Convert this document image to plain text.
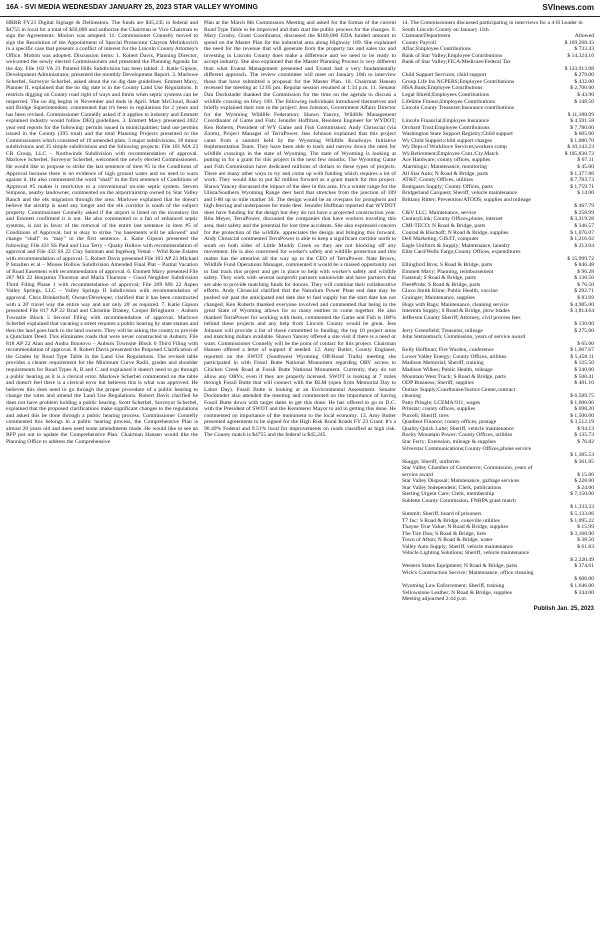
16A - SVI MEDIA WEDNESDAY JANUARY 25, 2023 STAR VALLEY WYOMING	SVInews.com
HRRR FY23 Digital Signage & Delineators. The funds are $45,245 in federal and $4755 in local for a total of $50,000 and authorize the Chairman or Vice Chairman to sign the Agreements. Motion was adopted. 11. Commissioner Connelly moved to sign the Resolution of the Appointment of Special Prosecutor Clayton Melinkovich in a specific case that presents a conflict of interest for the Lincoln County Attorney's Office. Motion was adopted. Discussion items: 1. Robert Davis, Planning Director, welcomed the newly elected Commissioners and presented the Planning Agenda for the day. File 102 VA 23 Painted Hills Subdivision has been tabled. 2. Katie Gipson, Development Administrator, presented the monthly Development Report. 3. Marlowe Scherbel, Surveyor Scherbel, asked about the no dig date guidelines. Emmett Mavy, Planner II, explained that the no dig date is in the County Land Use Regulations. It restricts digging on County road right of ways and limits when septic systems can be inspected. The no dig begins in November and ends in April. Matt McCloud, Road and Bridge Superintendent, commented that it's been in regulations for 2 years and has been revised. Commissioner Connelly asked if it applies to industry and Emmett explained industry would follow DEQ guidelines. 3. Emmett Mavy presented 2022 year end reports for the following: permits issued in municipalities; land use permits issued in the County (395 total) and the total Planning Projects presented to the Commissioners which consisted of 19 amended plats, 3 major subdivisions, 18 minor subdivisions and 35 simple subdivisions and the following projects: File 101 MA 23 CR Group, LLC – Northwinds Subdivision with recommendation of approval. Marlowe Scherbel, Surveyor Scherbel, welcomed the newly elected Commissioners. He would like to propose to strike the last sentence of item #5 in the Conditions of Approval because there is no evidence of high ground water and no need to warn against it. He also commented the word "shall" in the first sentence of Conditions of Approval #5 makes it restrictive to a conventional on-site septic system. Steven Simpson, nearby landowner, commented on the airport/airstrip owned by Star Valley Ranch and the elk migration through the area. Marlowe explained that he doesn't believe the airstrip is used any longer and the elk corridor is south of the subject property. Commissioner Connelly asked if the airport is listed on the inventory list and Emmett confirmed it is not. He also commented to a fan of enhanced septic systems, is not in favor of the removal of the entire last sentence in item #5 of Conditions of Approval, but is okay to strike "no basements will be allowed" and change "shall" to "may" in the first sentence. 4. Katie Gipson presented the following: File 431 SS Paul and Lisa Terry – Quaky Hollow with recommendation of approval and File 432 SS 22 Clay Salzman and Ingeborg Vestal – Wild Rose Estates with recommendation of approval. 5. Robert Davis presented File 103 AP 23 Michael P Smallen et al – Moose Hollow Subdivision Amended Final Plat – Partial Vacation of Road Easement with recommendation of approval. 6. Emmett Mavy presented File 287 MS 22 Benjamin Thurston and Marla Thurston – Good Neighbor Subdivision Third Filing Phase 1 with recommendation of approval; File 209 MS 22 Aspen Valley Springs, LLC – Valley Springs II Subdivision with recommendation of approval. Chris Brinkerhoff, Owner/Developer, clarified that it has been constructed with a 20' travel way the entire way and not only 20' as required. 7. Katie Gipson presented File 817 AP 22 Brad and Christine Draney, Cooper Bringhurst – Auburn Townsite Block 5 Second Filing with recommendation of approval. Marlowe Scherbel explained that vacating a street requires a public hearing by state statues and then the land goes back to the land owners. They will be asking the county to provide a Quitclaim Deed. This eliminates roads that were never constructed in Auburn; File 818 AP 22 Alan and Audra Ihnotovo – Auburn Townsite Block 6 Third Filing with recommendation of approval. 8. Robert Davis presented the Proposed Clarification of the Grades by Road Type Table in the Land Use Regulations. The revised table provides a clearer requirement for the Minimum Curve Radii, grades and shoulder requirements for Road Types A, B and C and explained it doesn't need to go through a public hearing as it is a clerical error. Marlowe Scherbel commented on the table and doesn't feel there is a clerical error but believes this is what was approved. He believes this does need to go through the proper procedure of a public hearing to change the rules and amend the Land Use Regulations. Robert Davis clarified he does not have problem holding a public hearing. Scott Scherbel, Surveyor Scherbel, explained that the proposed clarifications make significant changes to the regulations and asked this be done through a public hearing process. Commissioner Connelly commented this belongs in a public hearing process, the Comprehensive Plan is almost 20 years old and does need some amendments made. He would like to see an RFP put out to update the Comprehensive Plan. Chairman Hansen would like the Planning Office to address the Comprehensive
Plan at the March 8th Commission Meeting and asked for the format of the current Road Type Table to be improved and then start the public process for the changes. 9. Mary Crosby, Grant Coordinator, discussed the $180,000 EDA funded amount to spend on the Master Plan for the industrial area along Highway 189. She explained the need for the revenue that will generate from the property tax and sales tax and investing in Lincoln County does make a difference and we need to be ready to accept industry. She also explained that the Master Planning Process is very different than what Evanst Management presented and Evanst had a very fundamentally different approach. The review committee will meet on January 10th to interview those that have submitted a proposal for the Master Plan. 10. Chairman Hansen recessed the meeting at 12:05 pm. Regular session resumed at 1:34 p.m. 11. Senator Dan Dockstader thanked the Commission for the time on the agenda to discuss a wildlife crossing on Hwy 189. The following individuals introduced themselves and briefly explained their role in the project: Jess Johnson, Government Affairs Director for the Wyoming Wildlife Federation; Shawn Yancey, Wildlife Management Coordinator of Game and Fish; Jennifer Hoffman, Resident Engineer for WYDOT; Ken Roberts, President of WY Game and Fish Commission; Andy Chruscial (via Zoom), Project Manager of TerraPower. Jess Johnson explained that this project came from a summit held by the Wyoming Wildlife Roadways Initiative Implementation Team. They have been able to track and narrow down the need for wildlife crossings in the state of Wyoming. The state of Wyoming is looking at putting in for a grant for this project in the next few months. The Wyoming Game and Fish Commission have dedicated millions of dollars to these types of projects. There are many other ways to try and come up with funding which requires a lot of work. They would like to put $2 million forward as a grant match for this project. Shawn Yancey discussed the impact of the deer in this area. It's a winter range for the Ulista/Southern Wyoming Range deer herd that stretches from the junction of 189 and I-80 up to mile marker 30. The design would be an overpass for pronghorn and high fencing and underpasses for mule deer. Jennifer Hoffman reported that WYDOT does have funding for the design but they do not have a projected construction year. Rita Meyer, TerraPower, discussed the companies that have workers traveling this area, their safety and the potential for lost time accidents. She also expressed concern for the protection of the wildlife, appreciates the design and bringing this forward. Andy Chruscial commented TerraPower is able to keep a significant corridor north to south on both sides of Little Muddy Creek so they are not blocking off any movement. He is also concerned for worker's safety and wildlife protection and this matter has the attention all the way up to the CEO of TerraPower. Nate Brown, Wildlife Fund Operations Manager, commented it would be a missed opportunity not to fast track this project and get in place to help with worker's safety and wildlife safety. They work with several nonprofit partners nationwide and have partners that are able to provide matching funds for donors. They will continue their collaborative efforts. Andy Chruscial clarified that the Naturium Power Plant end date may be pushed out past the anticipated end date due to fuel supply but the start date has not changed. Ken Roberts thanked everyone involved and commented that being in the great State of Wyoming allows for so many entities to come together. He also thanked TerraPower for working with them, commented the Game and Fish is 100% behind these projects and any help from Lincoln County would be great. Jess Johnson will provide a list of those committed to funding, the top 10 project areas and matching dollars available. Shawn Yancey offered a site visit if there is a need or want. Commissioner Connelly will be the point of contact for this project. Chairman Hansen offered a letter of support if needed. 12. Amy Butler, County Engineer, reported on the SWOT (Southwest Wyoming Off-Road Trails) meeting she participated in with Fossil Butte National Monument regarding ORV access to Chicken Creek Road at Fossil Butte National Monument. Currently, they do not allow any ORVs, even if they are properly licensed. SWOT is looking at 7 miles through Fossil Butte that will connect with the BLM (open from Memorial Day to Labor Day). Fossil Butte is looking at an Environmental Assessment. Senator Dockstader also attended the meeting and commented on the importance of having Fossil Butte down with target dates to get this done. He has offered to go to D.C. with the President of SWOT and the Kemmerer Mayor to aid in getting this done. He commented on importance of the monument to the local economy. 13. Amy Butler presented agreements to be signed for the High Risk Rural Roads FY 23 Grant. It's a 90.49% Federal and 9.51% local for improvements on roads classified as high risk. The County match is $4755 and the federal is $45,245.
14. The Commissioners discussed participating in interviews for a 4-H Leader in South Lincoln County on January 11th.
Claimant/Department	Allowed
County Payroll	$ 169,268.43
Aflac;Employee Contributions	$ 733.43
Bank of Star Valley;Employee Contributions	$ 14,324.16
Bank of Star Valley;FICA/Medicare/Federal Tax
$ 133,913.08
Child Support Services; child support	$ 279.00
Group Life Ins NCPERS;Employee Contributions	$ 432.00
HSA Bank;Employee Contributions	$ 2,700.00
Legal Shield;Employees Contributions	$ 43.90
Lifetime Fitness;Employee Contributions	$ 148.50
Lincoln County Treasurer;Insurance contributions
$ 11,188.09
Lincoln Financial;Employee Insurance	$ 4,591.58
Orchard Trust;Employee Contributions	$ 7,780.00
Washington State Support Registry;Child support	$ 605.00
Wy Child Support;child support charges	$ 1,080.70
Wy Dept.of Workforce Services;workers comp	$ 10,143.23
Wy.Retirement;Employee Cont./Cty.Match	$ 105,830.73
Ace Hardware; county offices, supplies	$ 67.11
Alarmlogic; Maintenance, monitoring	$ 45.00
All Star Auto; N Road & Bridge, parts	$ 1,377.86
AT&T; County Offices, utilities	$ 7,783.73
Bomgaars Supply; County Offices, parts	$ 1,759.71
Bridgerland Carquest; Sheriff, vehicle maintenance	$ 14.00
Brittany Ritter; Prevention/ATODS, supplies and mileage
$ 467.79
C&V LLC; Maintenance, service	$ 258.99
CenturyLink; County Offices,phone, internet	$ 3,319.28
CMI-TECO; N Road & Bridge, parts	$ 346.57
Conrad & Bischoff; N Road & Bridge, supplies	$ 1,076.07
Dell Marketing; GIS/IT, computer	$ 1,216.02
Eagle Uniform & Supply; Maintenance, laundry	$ 213.04
Elite Card/Wells Fargo;County Offices, expenditures
$ 15,999.72
Ellingford Bros; S Road & Bridge, parts	$ 846.48
Emmett Mavy; Planning, reimbursement	$ 96.28
Fastenal; S Road & Bridge, parts	$ 130.50
FleetPride; S Road & Bridge, parts	$ 76.50
Glaxo Smith Kline; Public Health, vaccine	$ 292.71
Grainger; Maintenance, supplies	$ 83.69
Hugs with Rags; Maintenance, cleaning service	$ 4,985.00
Intermtn Supply; S Road & Bridge, plow blades	$ 3,814.64
Jefferson County Sheriff; Attorney, civil process fees
$ 130.00
Jerry Greenfield; Treasurer, mileage	$ 275.00
John Stetzenbach; Commission, years of service award
$ 65.00
Kelly Hoffman; Fire Warden, conference	$ 1,067.67
Lower Valley Energy; County Offices, utilities	$ 5,458.11
Madison Memorial; Sheriff, training	$ 125.50
Madison Wilkes; Public Health, mileage	$ 240.00
Mountain West Truck; S Road & Bridge, parts	$ 500.41
ODP Business; Sheriff, supplies	$ 401.10
Outlaw Supply;Courthouse/Justice Center,contract
cleaning	$ 6,589.75
Patty Pringle; LCEMA/911, wages	$ 1,000.00
Prinstar; county offices, supplies	$ 698.20
Purcell; Sheriff, tires	$ 1,500.00
Quadient Finance; county offices, postage	$ 3,512.19
Quality Quick Lube; Sheriff, vehicle maintenance	$ 94.13
Rocky Mountain Power; County Offices, utilities	$ 135.73
Star Ferry; Extension, mileage & supplies	$ 76.82
Silverstar Communications;County Offices,phone service
$ 1,385.53
Skaggs; Sheriff, uniforms	$ 361.85
Star Valley Chamber of Commerce; Commission, years of
service award	$ 15.00
Star Valley Disposal; Maintenance, garbage services	$ 228.00
Star Valley Independent; Clerk, publications	$ 24.00
Sterling Urgent Care; Clerk, membership	$ 7,150.00
Sublette County Commission, FNRPA grant match
$ 1,333.33
Summit; Sheriff, board of prisoners	$ 5,133.06
T7 Inc; S Road & Bridge, cokeville utilities	$ 1,095.22
Thayne True Value; N Road & Bridge, supplies	$ 15.99
The Tire Don; S Road & Bridge, tires	$ 3,160.90
Town of Afton; N Road & Bridge, water	$ 38.50
Valley Auto Supply; Sheriff, vehicle maintenance	$ 61.83
Vehicle Lighting Solutions; Sheriff, vehicle maintenance
$ 2,220.49
Western States Equipment; N Road & Bridge, parts	$ 374.61
Wick's Construction Service; Maintenance, office cleaning
$ 600.00
Wyoming Law Enforcement; Sheriff, training	$ 1,646.00
Yellowstone Leather; N Road & Bridge, supplies	$ 244.00
Meeting adjourned 2:44 p.m.
Publish Jan. 25, 2023
